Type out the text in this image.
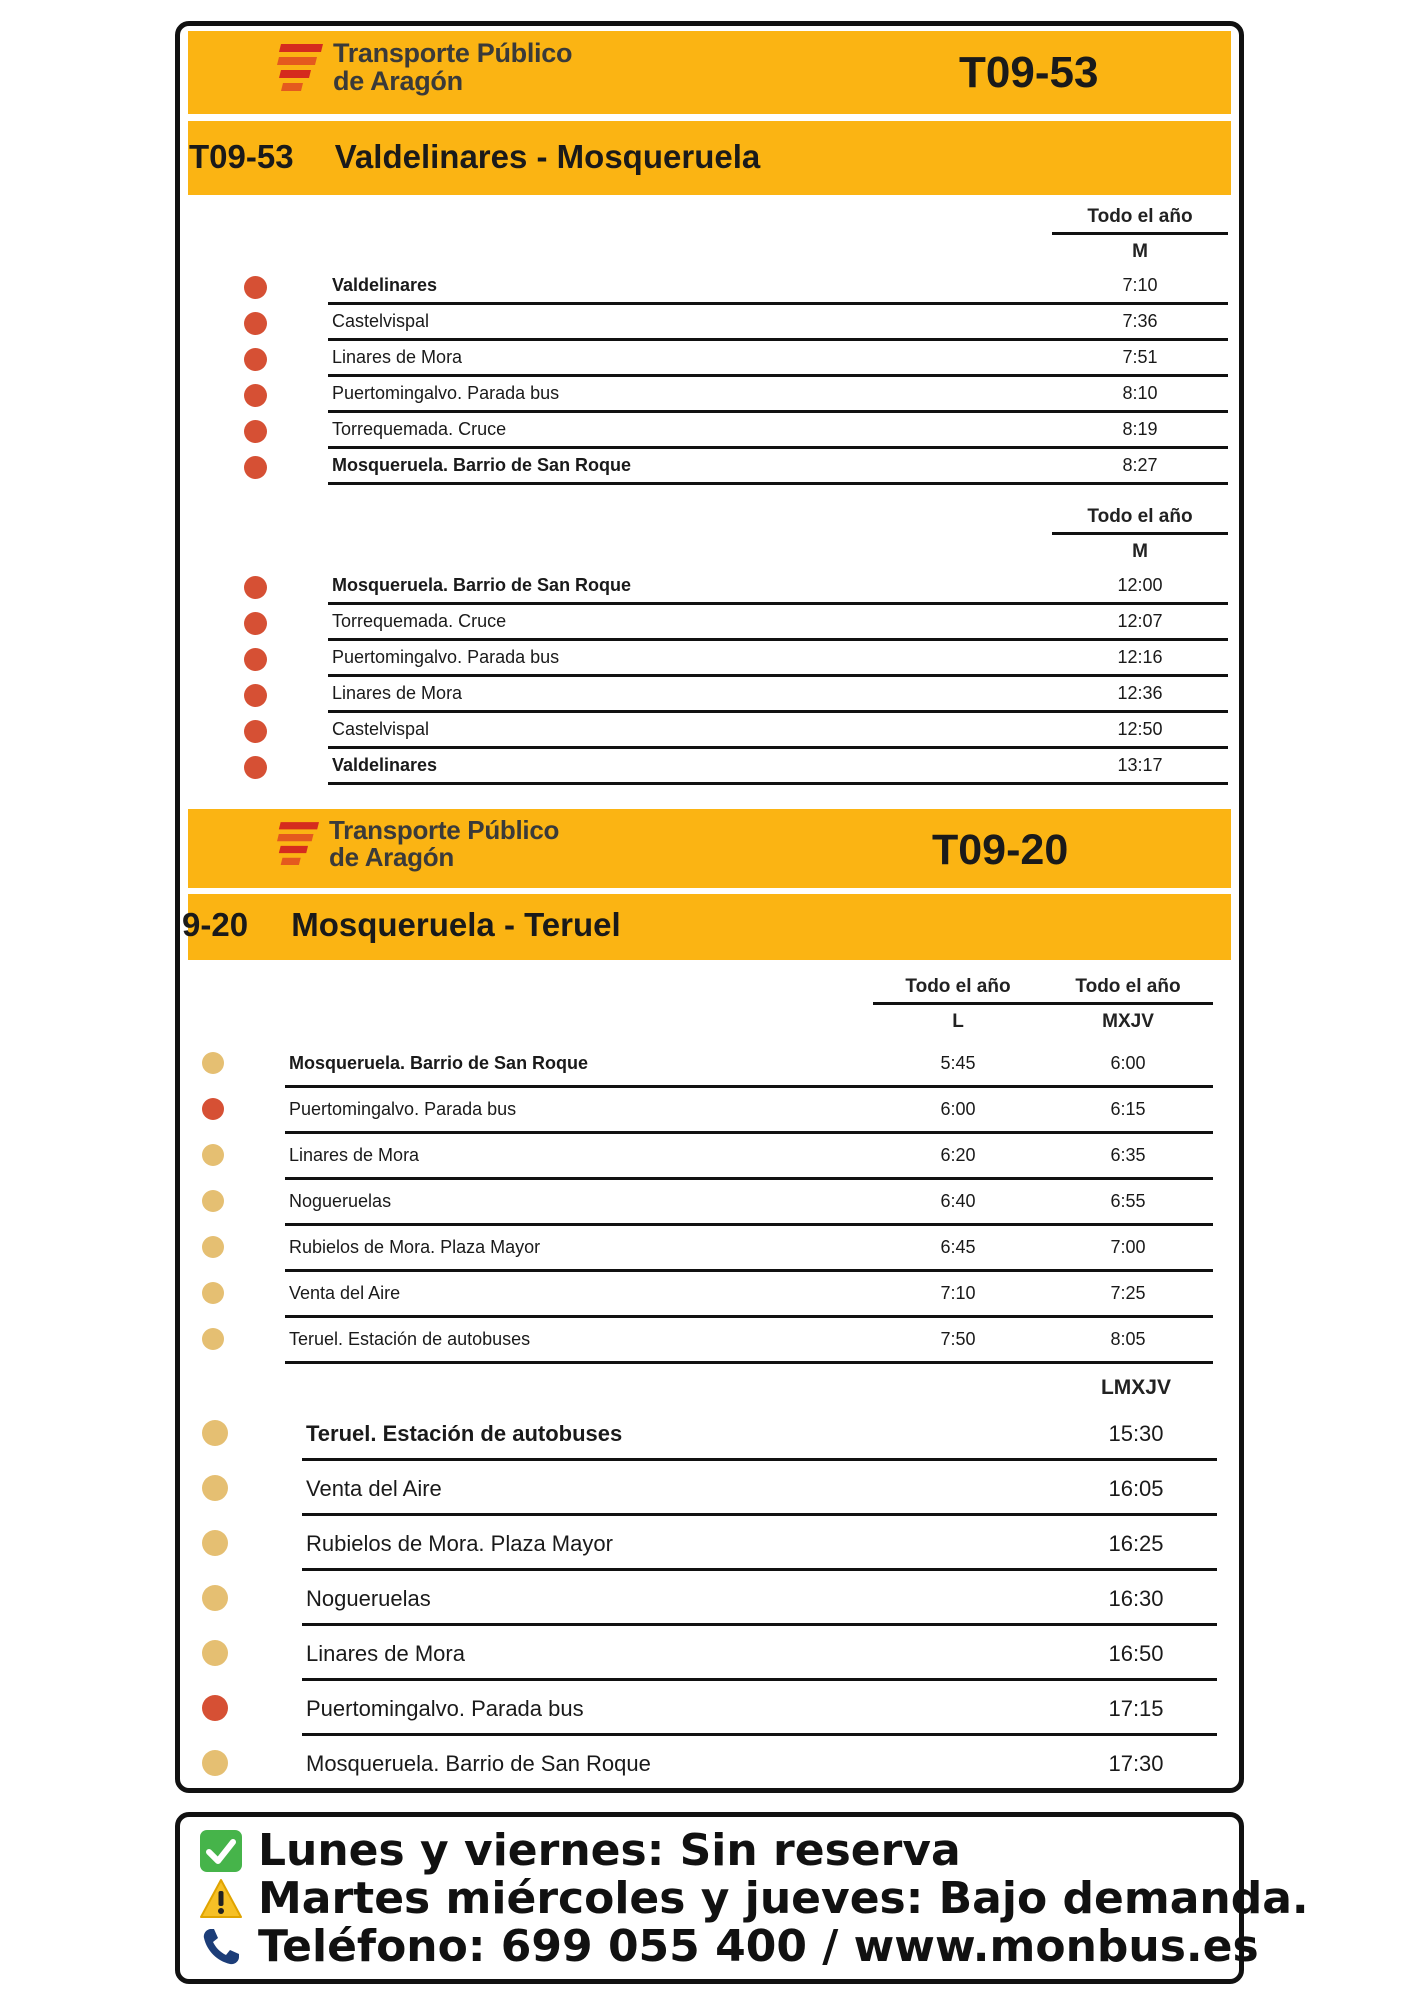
Transporte Público
de Aragón	T09-53
T09-53 Valdelinares - Mosqueruela
Todo el año
M
Valdelinares	7:10
Castelvispal	7:36
Linares de Mora	7:51
Puertomingalvo. Parada bus	8:10
Torrequemada. Cruce	8:19
Mosqueruela. Barrio de San Roque	8:27
Todo el año
M
Mosqueruela. Barrio de San Roque	12:00
Torrequemada. Cruce	12:07
Puertomingalvo. Parada bus	12:16
Linares de Mora	12:36
Castelvispal	12:50
Valdelinares	13:17
Transporte Público
de Aragón	T09-20
9-20 Mosqueruela - Teruel
Todo el año	Todo el año
L	MXJV
Mosqueruela. Barrio de San Roque	5:45	6:00
Puertomingalvo. Parada bus	6:00	6:15
Linares de Mora	6:20	6:35
Nogueruelas	6:40	6:55
Rubielos de Mora. Plaza Mayor	6:45	7:00
Venta del Aire	7:10	7:25
Teruel. Estación de autobuses	7:50	8:05
LMXJV
Teruel. Estación de autobuses	15:30
Venta del Aire	16:05
Rubielos de Mora. Plaza Mayor	16:25
Nogueruelas	16:30
Linares de Mora	16:50
Puertomingalvo. Parada bus	17:15
Mosqueruela. Barrio de San Roque	17:30
Lunes y viernes: Sin reserva
Martes miércoles y jueves: Bajo demanda.
Teléfono: 699 055 400 / www.monbus.es
